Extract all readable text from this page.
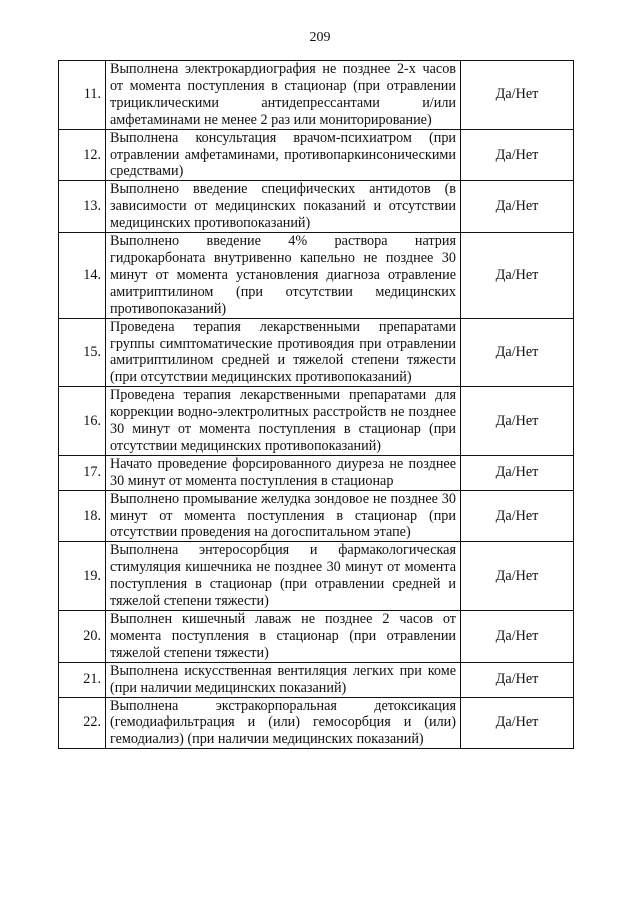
209
11.	Выполнена электрокардиография не позднее 2-х часов от момента поступления в стационар (при отравлении трициклическими антидепрессантами и/или амфетаминами не менее 2 раз или мониторирование)	Да/Нет
12.	Выполнена консультация врачом-психиатром (при отравлении амфетаминами, противопаркинсоническими средствами)	Да/Нет
13.	Выполнено введение специфических антидотов (в зависимости от медицинских показаний и отсутствии медицинских противопоказаний)	Да/Нет
14.	Выполнено введение 4% раствора натрия гидрокарбоната внутривенно капельно не позднее 30 минут от момента установления диагноза отравление амитриптилином (при отсутствии медицинских противопоказаний)	Да/Нет
15.	Проведена терапия лекарственными препаратами группы симптоматические противоядия при отравлении амитриптилином средней и тяжелой степени тяжести (при отсутствии медицинских противопоказаний)	Да/Нет
16.	Проведена терапия лекарственными препаратами для коррекции водно-электролитных расстройств не позднее 30 минут от момента поступления в стационар (при отсутствии медицинских противопоказаний)	Да/Нет
17.	Начато проведение форсированного диуреза не позднее 30 минут от момента поступления в стационар	Да/Нет
18.	Выполнено промывание желудка зондовое не позднее 30 минут от момента поступления в стационар (при отсутствии проведения на догоспитальном этапе)	Да/Нет
19.	Выполнена энтеросорбция и фармакологическая стимуляция кишечника не позднее 30 минут от момента поступления в стационар (при отравлении средней и тяжелой степени тяжести)	Да/Нет
20.	Выполнен кишечный лаваж не позднее 2 часов от момента поступления в стационар (при отравлении тяжелой степени тяжести)	Да/Нет
21.	Выполнена искусственная вентиляция легких при коме (при наличии медицинских показаний)	Да/Нет
22.	Выполнена экстракорпоральная детоксикация (гемодиафильтрация и (или) гемосорбция и (или) гемодиализ) (при наличии медицинских показаний)	Да/Нет
